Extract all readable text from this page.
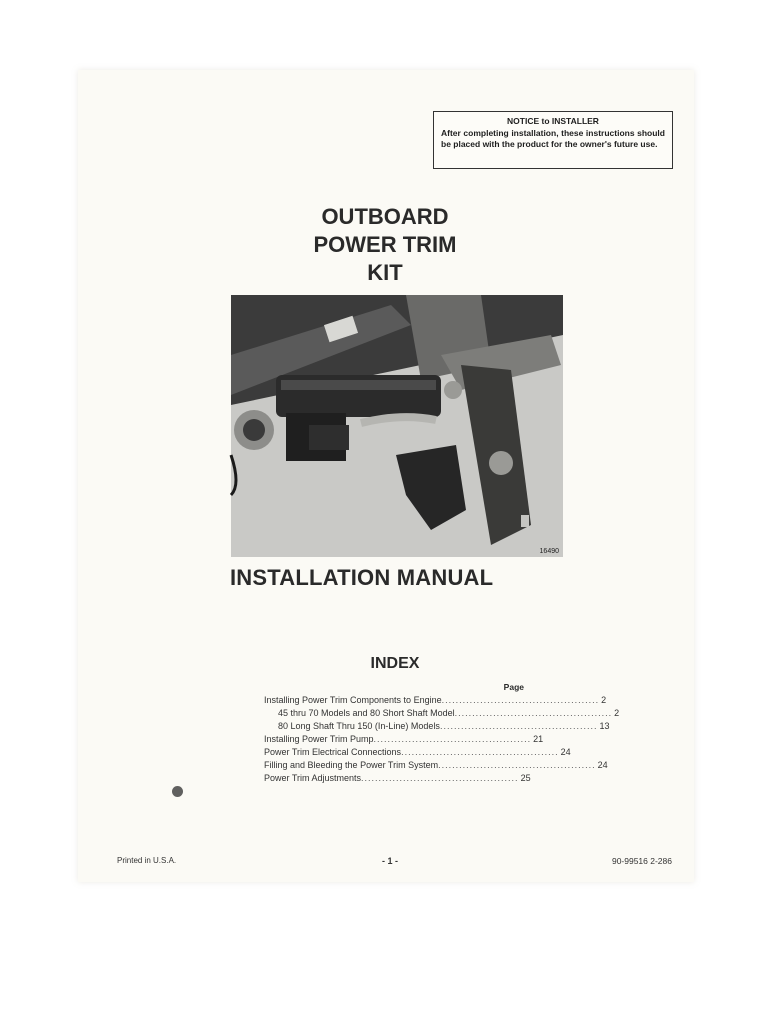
NOTICE to INSTALLER
After completing installation, these instructions should be placed with the product for the owner's future use.
OUTBOARD
POWER TRIM
KIT
16490
INSTALLATION MANUAL
INDEX
Page
Installing Power Trim Components to Engine ............................................. 2
45 thru 70 Models and 80 Short Shaft Model ............................................. 2
80 Long Shaft Thru 150 (In-Line) Models ............................................. 13
Installing Power Trim Pump ............................................. 21
Power Trim Electrical Connections ............................................. 24
Filling and Bleeding the Power Trim System ............................................. 24
Power Trim Adjustments ............................................. 25
Printed in U.S.A.	- 1 -	90-99516 2-286
